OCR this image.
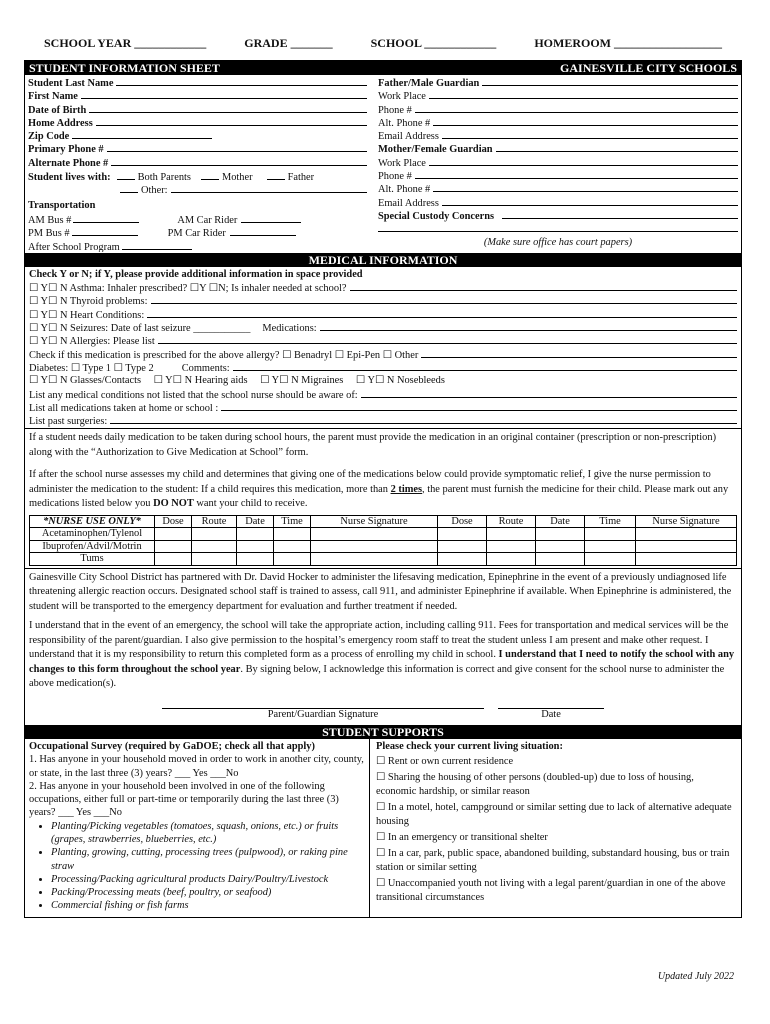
SCHOOL YEAR ____________	GRADE _______	SCHOOL ____________	HOMEROOM __________________
STUDENT INFORMATION SHEET	GAINESVILLE CITY SCHOOLS
Student Last Name
First Name
Date of Birth
Home Address
Zip Code
Primary Phone #
Alternate Phone #
Student lives with:	Both Parents	Mother	Father
Other:
Transportation
AM Bus #	AM Car Rider
PM Bus #	PM Car Rider
After School Program
Father/Male Guardian
Work Place
Phone #
Alt. Phone #
Email Address
Mother/Female Guardian
Work Place
Phone #
Alt. Phone #
Email Address
Special Custody Concerns
(Make sure office has court papers)
MEDICAL INFORMATION
Check Y or N; if Y, please provide additional information in space provided
☐ Y☐ N Asthma: Inhaler prescribed? ☐Y ☐N; Is inhaler needed at school?
☐ Y☐ N Thyroid problems:
☐ Y☐ N Heart Conditions:
☐ Y☐ N Seizures: Date of last seizure ___________ Medications:
☐ Y☐ N Allergies: Please list
Check if this medication is prescribed for the above allergy? ☐ Benadryl ☐ Epi-Pen ☐ Other
Diabetes: ☐ Type 1 ☐ Type 2	Comments:
☐ Y☐ N Glasses/Contacts ☐ Y☐ N Hearing aids ☐ Y☐ N Migraines ☐ Y☐ N Nosebleeds
List any medical conditions not listed that the school nurse should be aware of:
List all medications taken at home or school :
List past surgeries:

If a student needs daily medication to be taken during school hours, the parent must provide the medication in an original container (prescription or non-prescription) along with the “Authorization to Give Medication at School” form.

If after the school nurse assesses my child and determines that giving one of the medications below could provide symptomatic relief, I give the nurse permission to administer the medication to the student: If a child requires this medication, more than 2 times, the parent must furnish the medicine for their child. Please mark out any medications listed below you DO NOT want your child to receive.

*NURSE USE ONLY*	Dose	Route	Date	Time	Nurse Signature	Dose	Route	Date	Time	Nurse Signature
Acetaminophen/Tylenol										
Ibuprofen/Advil/Motrin										
Tums										

Gainesville City School District has partnered with Dr. David Hocker to administer the lifesaving medication, Epinephrine in the event of a previously undiagnosed life threatening allergic reaction occurs. Designated school staff is trained to assess, call 911, and administer Epinephrine if available. When Epinephrine is administered, the student will be transported to the emergency department for evaluation and further treatment if needed.

I understand that in the event of an emergency, the school will take the appropriate action, including calling 911. Fees for transportation and medical services will be the responsibility of the parent/guardian. I also give permission to the hospital’s emergency room staff to treat the student unless I am present and make other request. I understand that it is my responsibility to return this completed form as a process of enrolling my child in school. I understand that I need to notify the school with any changes to this form throughout the school year. By signing below, I acknowledge this information is correct and give consent for the school nurse to administer the above medication(s).

Parent/Guardian Signature	Date
STUDENT SUPPORTS
Occupational Survey (required by GaDOE; check all that apply)

1. Has anyone in your household moved in order to work in another city, county, or state, in the last three (3) years? ___ Yes ___No

2. Has anyone in your household been involved in one of the following occupations, either full or part-time or temporarily during the last three (3) years? ___ Yes ___No

• Planting/Picking vegetables (tomatoes, squash, onions, etc.) or fruits (grapes, strawberries, blueberries, etc.)
• Planting, growing, cutting, processing trees (pulpwood), or raking pine straw
• Processing/Packing agricultural products Dairy/Poultry/Livestock
• Packing/Processing meats (beef, poultry, or seafood)
• Commercial fishing or fish farms
Please check your current living situation:

☐ Rent or own current residence

☐ Sharing the housing of other persons (doubled-up) due to loss of housing, economic hardship, or similar reason

☐ In a motel, hotel, campground or similar setting due to lack of alternative adequate housing

☐ In an emergency or transitional shelter

☐ In a car, park, public space, abandoned building, substandard housing, bus or train station or similar setting

☐ Unaccompanied youth not living with a legal parent/guardian in one of the above transitional circumstances

Updated July 2022
